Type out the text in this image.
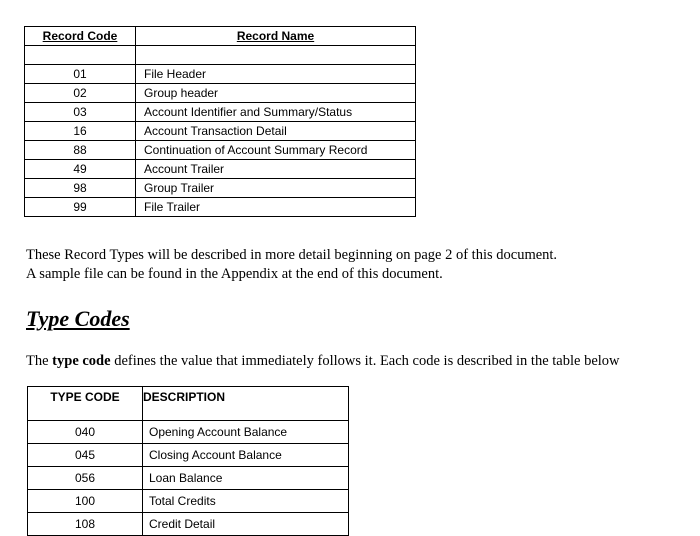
Record Code	Record Name

01	File Header
02	Group header
03	Account Identifier and Summary/Status
16	Account Transaction Detail
88	Continuation of Account Summary Record
49	Account Trailer
98	Group Trailer
99	File Trailer
These Record Types will be described in more detail beginning on page 2 of this document.
A sample file can be found in the Appendix at the end of this document.
Type Codes
The type code defines the value that immediately follows it. Each code is described in the table below
TYPE CODE	DESCRIPTION
040	Opening Account Balance
045	Closing Account Balance
056	Loan Balance
100	Total Credits
108	Credit Detail
